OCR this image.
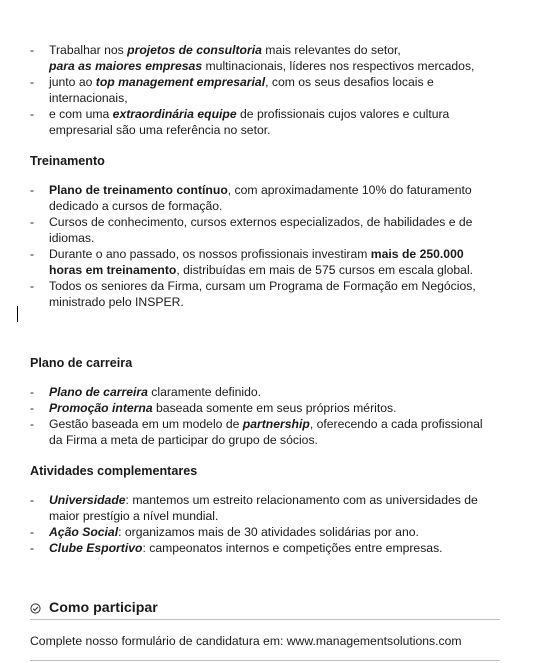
- Trabalhar nos projetos de consultoria mais relevantes do setor,
para as maiores empresas multinacionais, líderes nos respectivos mercados,
- junto ao top management empresarial, com os seus desafios locais e internacionais,
- e com uma extraordinária equipe de profissionais cujos valores e cultura empresarial são uma referência no setor.
Treinamento
- Plano de treinamento contínuo, com aproximadamente 10% do faturamento dedicado a cursos de formação.
- Cursos de conhecimento, cursos externos especializados, de habilidades e de idiomas.
- Durante o ano passado, os nossos profissionais investiram mais de 250.000 horas em treinamento, distribuídas em mais de 575 cursos em escala global.
- Todos os seniores da Firma, cursam um Programa de Formação em Negócios, ministrado pelo INSPER.
Plano de carreira
- Plano de carreira claramente definido.
- Promoção interna baseada somente em seus próprios méritos.
- Gestão baseada em um modelo de partnership, oferecendo a cada profissional da Firma a meta de participar do grupo de sócios.
Atividades complementares
- Universidade: mantemos um estreito relacionamento com as universidades de maior prestígio a nível mundial.
- Ação Social: organizamos mais de 30 atividades solidárias por ano.
- Clube Esportivo: campeonatos internos e competições entre empresas.
Como participar
Complete nosso formulário de candidatura em: www.managementsolutions.com
